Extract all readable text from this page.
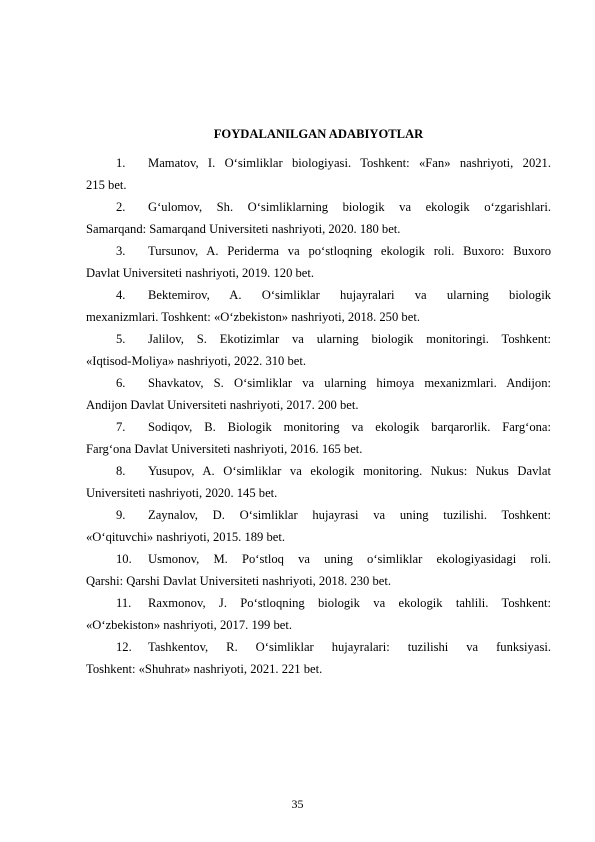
FOYDALANILGAN ADABIYOTLAR
1.	Mamatov, I. O‘simliklar biologiyasi. Toshkent: «Fan» nashriyoti, 2021.
215 bet.
2.	G‘ulomov, Sh. O‘simliklarning biologik va ekologik o‘zgarishlari.
Samarqand: Samarqand Universiteti nashriyoti, 2020. 180 bet.
3.	Tursunov, A. Periderma va po‘stloqning ekologik roli. Buxoro: Buxoro
Davlat Universiteti nashriyoti, 2019. 120 bet.
4.	Bektemirov, A. O‘simliklar hujayralari va ularning biologik
mexanizmlari. Toshkent: «O‘zbekiston» nashriyoti, 2018. 250 bet.
5.	Jalilov, S. Ekotizimlar va ularning biologik monitoringi. Toshkent:
«Iqtisod-Moliya» nashriyoti, 2022. 310 bet.
6.	Shavkatov, S. O‘simliklar va ularning himoya mexanizmlari. Andijon:
Andijon Davlat Universiteti nashriyoti, 2017. 200 bet.
7.	Sodiqov, B. Biologik monitoring va ekologik barqarorlik. Farg‘ona:
Farg‘ona Davlat Universiteti nashriyoti, 2016. 165 bet.
8.	Yusupov, A. O‘simliklar va ekologik monitoring. Nukus: Nukus Davlat
Universiteti nashriyoti, 2020. 145 bet.
9.	Zaynalov, D. O‘simliklar hujayrasi va uning tuzilishi. Toshkent:
«O‘qituvchi» nashriyoti, 2015. 189 bet.
10.	Usmonov, M. Po‘stloq va uning o‘simliklar ekologiyasidagi roli.
Qarshi: Qarshi Davlat Universiteti nashriyoti, 2018. 230 bet.
11.	Raxmonov, J. Po‘stloqning biologik va ekologik tahlili. Toshkent:
«O‘zbekiston» nashriyoti, 2017. 199 bet.
12.	Tashkentov, R. O‘simliklar hujayralari: tuzilishi va funksiyasi.
Toshkent: «Shuhrat» nashriyoti, 2021. 221 bet.
35
